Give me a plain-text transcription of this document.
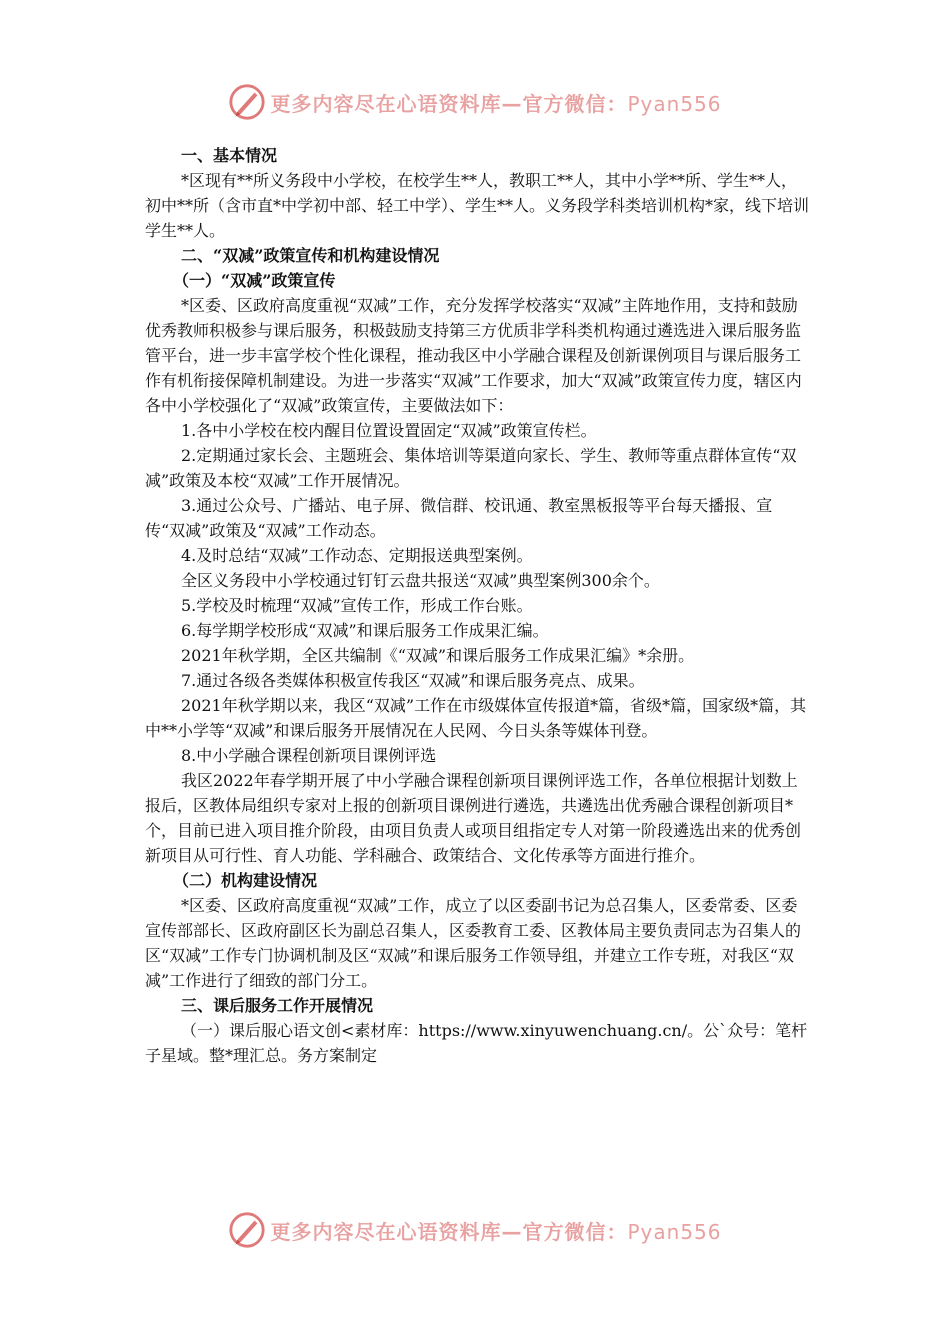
更多内容尽在心语资料库—官方微信：Pyan556

一、基本情况

*区现有**所义务段中小学校，在校学生**人，教职工**人，其中小学**所、学生**人，初中**所（含市直*中学初中部、轻工中学）、学生**人。义务段学科类培训机构*家，线下培训学生**人。

二、“双减”政策宣传和机构建设情况

（一）“双减”政策宣传

*区委、区政府高度重视“双减”工作，充分发挥学校落实“双减”主阵地作用，支持和鼓励优秀教师积极参与课后服务，积极鼓励支持第三方优质非学科类机构通过遴选进入课后服务监管平台，进一步丰富学校个性化课程，推动我区中小学融合课程及创新课例项目与课后服务工作有机衔接保障机制建设。为进一步落实“双减”工作要求，加大“双减”政策宣传力度，辖区内各中小学校强化了“双减”政策宣传，主要做法如下：

1.各中小学校在校内醒目位置设置固定“双减”政策宣传栏。

2.定期通过家长会、主题班会、集体培训等渠道向家长、学生、教师等重点群体宣传“双减”政策及本校“双减”工作开展情况。

3.通过公众号、广播站、电子屏、微信群、校讯通、教室黑板报等平台每天播报、宣传“双减”政策及“双减”工作动态。

4.及时总结“双减”工作动态、定期报送典型案例。

全区义务段中小学校通过钉钉云盘共报送“双减”典型案例300余个。

5.学校及时梳理“双减”宣传工作，形成工作台账。

6.每学期学校形成“双减”和课后服务工作成果汇编。

2021年秋学期，全区共编制《“双减”和课后服务工作成果汇编》*余册。

7.通过各级各类媒体积极宣传我区“双减”和课后服务亮点、成果。

2021年秋学期以来，我区“双减”工作在市级媒体宣传报道*篇，省级*篇，国家级*篇，其中**小学等“双减”和课后服务开展情况在人民网、今日头条等媒体刊登。

8.中小学融合课程创新项目课例评选

我区2022年春学期开展了中小学融合课程创新项目课例评选工作，各单位根据计划数上报后，区教体局组织专家对上报的创新项目课例进行遴选，共遴选出优秀融合课程创新项目*个，目前已进入项目推介阶段，由项目负责人或项目组指定专人对第一阶段遴选出来的优秀创新项目从可行性、育人功能、学科融合、政策结合、文化传承等方面进行推介。

（二）机构建设情况

*区委、区政府高度重视“双减”工作，成立了以区委副书记为总召集人，区委常委、区委宣传部部长、区政府副区长为副总召集人，区委教育工委、区教体局主要负责同志为召集人的区“双减”工作专门协调机制及区“双减”和课后服务工作领导组，并建立工作专班，对我区“双减”工作进行了细致的部门分工。

三、课后服务工作开展情况

（一）课后服心语文创<素材库：https://www.xinyuwenchuang.cn/。公`众号：笔杆子星域。整*理汇总。务方案制定

更多内容尽在心语资料库—官方微信：Pyan556
